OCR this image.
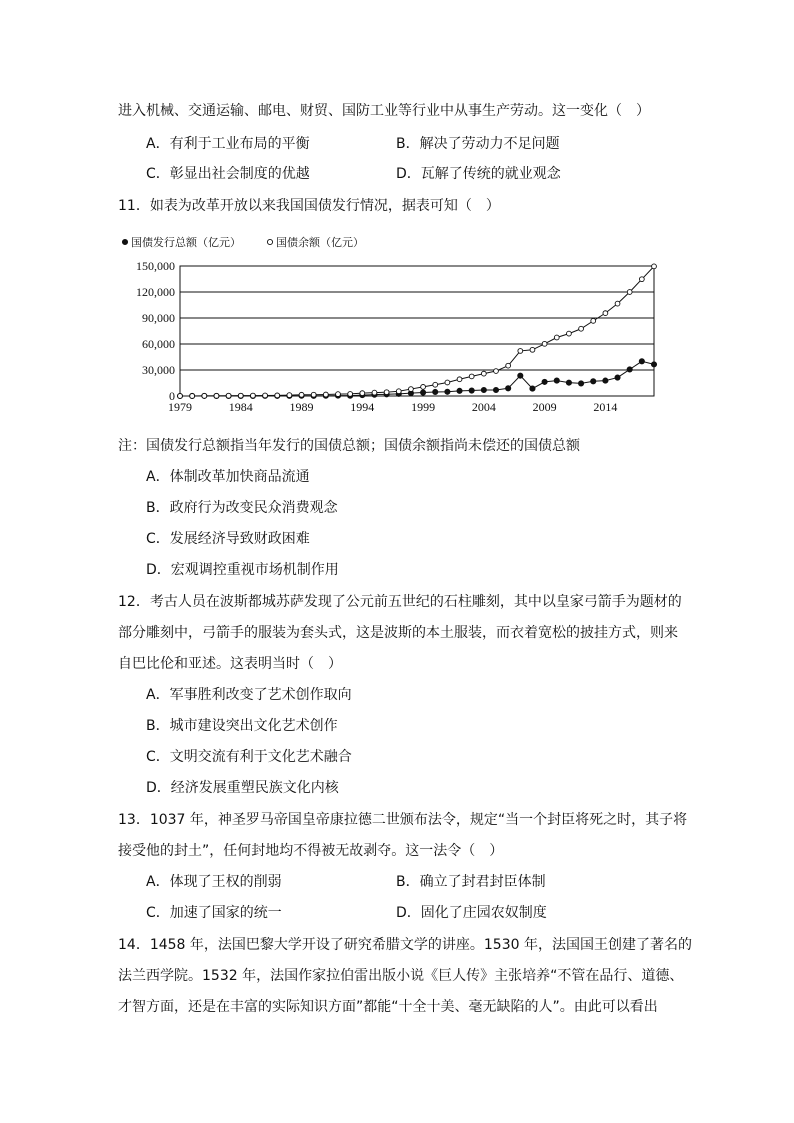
进入机械、交通运输、邮电、财贸、国防工业等行业中从事生产劳动。这一变化（　）
A．有利于工业布局的平衡	B．解决了劳动力不足问题
C．彰显出社会制度的优越	D．瓦解了传统的就业观念
11．如表为改革开放以来我国国债发行情况，据表可知（　）
国债发行总额（亿元）	国债余额（亿元）
0
30,000
60,000
90,000
120,000
150,000
1979	1984	1989	1994	1999	2004	2009	2014
注：国债发行总额指当年发行的国债总额；国债余额指尚未偿还的国债总额
A．体制改革加快商品流通
B．政府行为改变民众消费观念
C．发展经济导致财政困难
D．宏观调控重视市场机制作用
12．考古人员在波斯都城苏萨发现了公元前五世纪的石柱雕刻，其中以皇家弓箭手为题材的
部分雕刻中，弓箭手的服装为套头式，这是波斯的本土服装，而衣着宽松的披挂方式，则来
自巴比伦和亚述。这表明当时（　）
A．军事胜利改变了艺术创作取向
B．城市建设突出文化艺术创作
C．文明交流有利于文化艺术融合
D．经济发展重塑民族文化内核
13．1037 年，神圣罗马帝国皇帝康拉德二世颁布法令，规定“当一个封臣将死之时，其子将
接受他的封土”，任何封地均不得被无故剥夺。这一法令（　）
A．体现了王权的削弱	B．确立了封君封臣体制
C．加速了国家的统一	D．固化了庄园农奴制度
14．1458 年，法国巴黎大学开设了研究希腊文学的讲座。1530 年，法国国王创建了著名的
法兰西学院。1532 年，法国作家拉伯雷出版小说《巨人传》主张培养“不管在品行、道德、
才智方面，还是在丰富的实际知识方面”都能“十全十美、毫无缺陷的人”。由此可以看出
